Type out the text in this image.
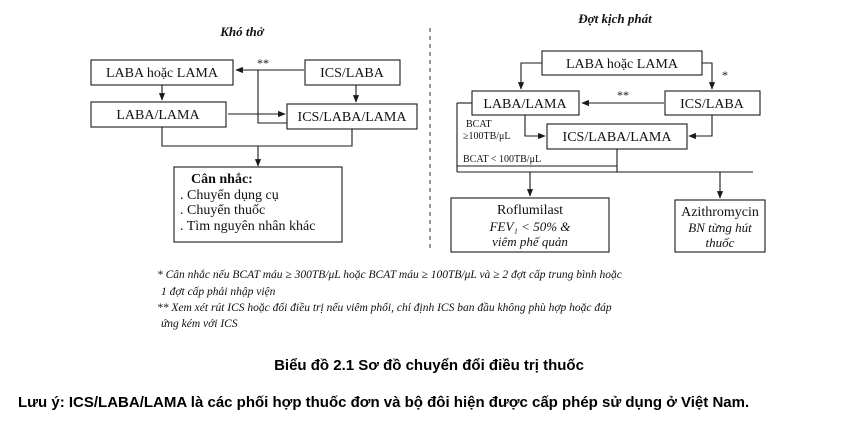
Khó thở
LABA hoặc LAMA	ICS/LABA
LABA/LAMA	ICS/LABA/LAMA
**
Cân nhắc:
. Chuyển dụng cụ
. Chuyển thuốc
. Tìm nguyên nhân khác
Đợt kịch phát
LABA hoặc LAMA
LABA/LAMA	ICS/LABA
ICS/LABA/LAMA
*
**
BCAT
≥100TB/μL
BCAT < 100TB/μL
Roflumilast
FEV₁ < 50% &
viêm phế quản
Azithromycin
BN từng hút
thuốc
* Cân nhắc nếu BCAT máu ≥ 300TB/μL hoặc BCAT máu ≥ 100TB/μL và ≥ 2 đợt cấp trung bình hoặc
1 đợt cấp phải nhập viện
** Xem xét rút ICS hoặc đổi điều trị nếu viêm phổi, chỉ định ICS ban đầu không phù hợp hoặc đáp
ứng kém với ICS
Biểu đồ 2.1 Sơ đồ chuyển đổi điều trị thuốc
Lưu ý: ICS/LABA/LAMA là các phối hợp thuốc đơn và bộ đôi hiện được cấp phép sử dụng ở Việt Nam.
